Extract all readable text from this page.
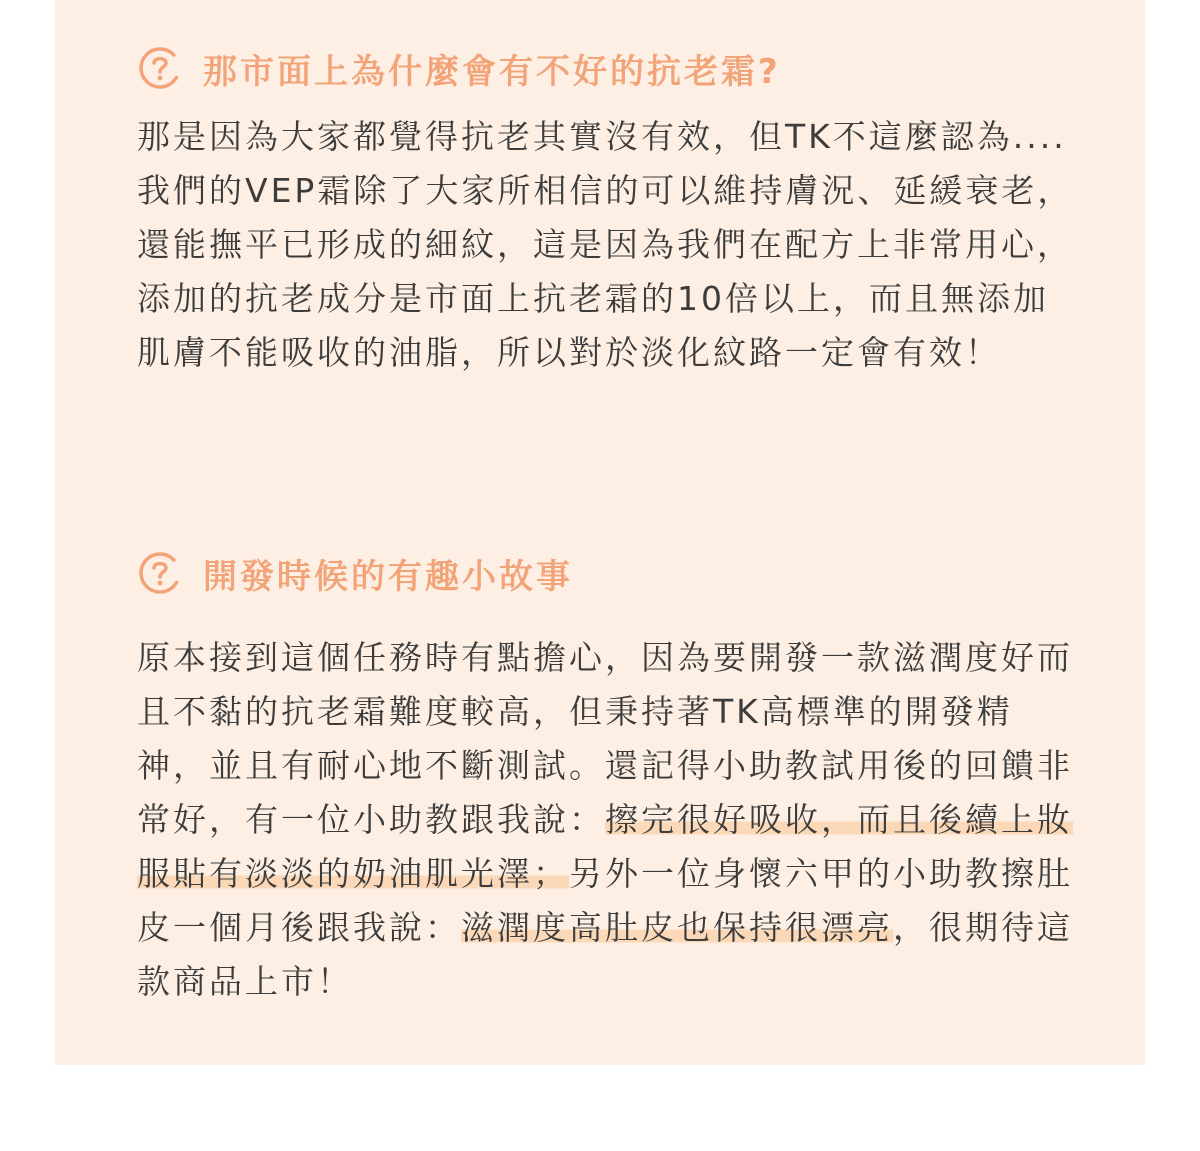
那市面上為什麼會有不好的抗老霜?

那是因為大家都覺得抗老其實沒有效，但TK不這麼認為....
我們的VEP霜除了大家所相信的可以維持膚況、延緩衰老，還能撫平已形成的細紋，這是因為我們在配方上非常用心，添加的抗老成分是市面上抗老霜的10倍以上，而且無添加肌膚不能吸收的油脂，所以對於淡化紋路一定會有效！

開發時候的有趣小故事

原本接到這個任務時有點擔心，因為要開發一款滋潤度好而且不黏的抗老霜難度較高，但秉持著TK高標準的開發精神，並且有耐心地不斷測試。還記得小助教試用後的回饋非常好，有一位小助教跟我說：擦完很好吸收，而且後續上妝服貼有淡淡的奶油肌光澤；另外一位身懷六甲的小助教擦肚皮一個月後跟我說：滋潤度高肚皮也保持很漂亮，很期待這款商品上市！
